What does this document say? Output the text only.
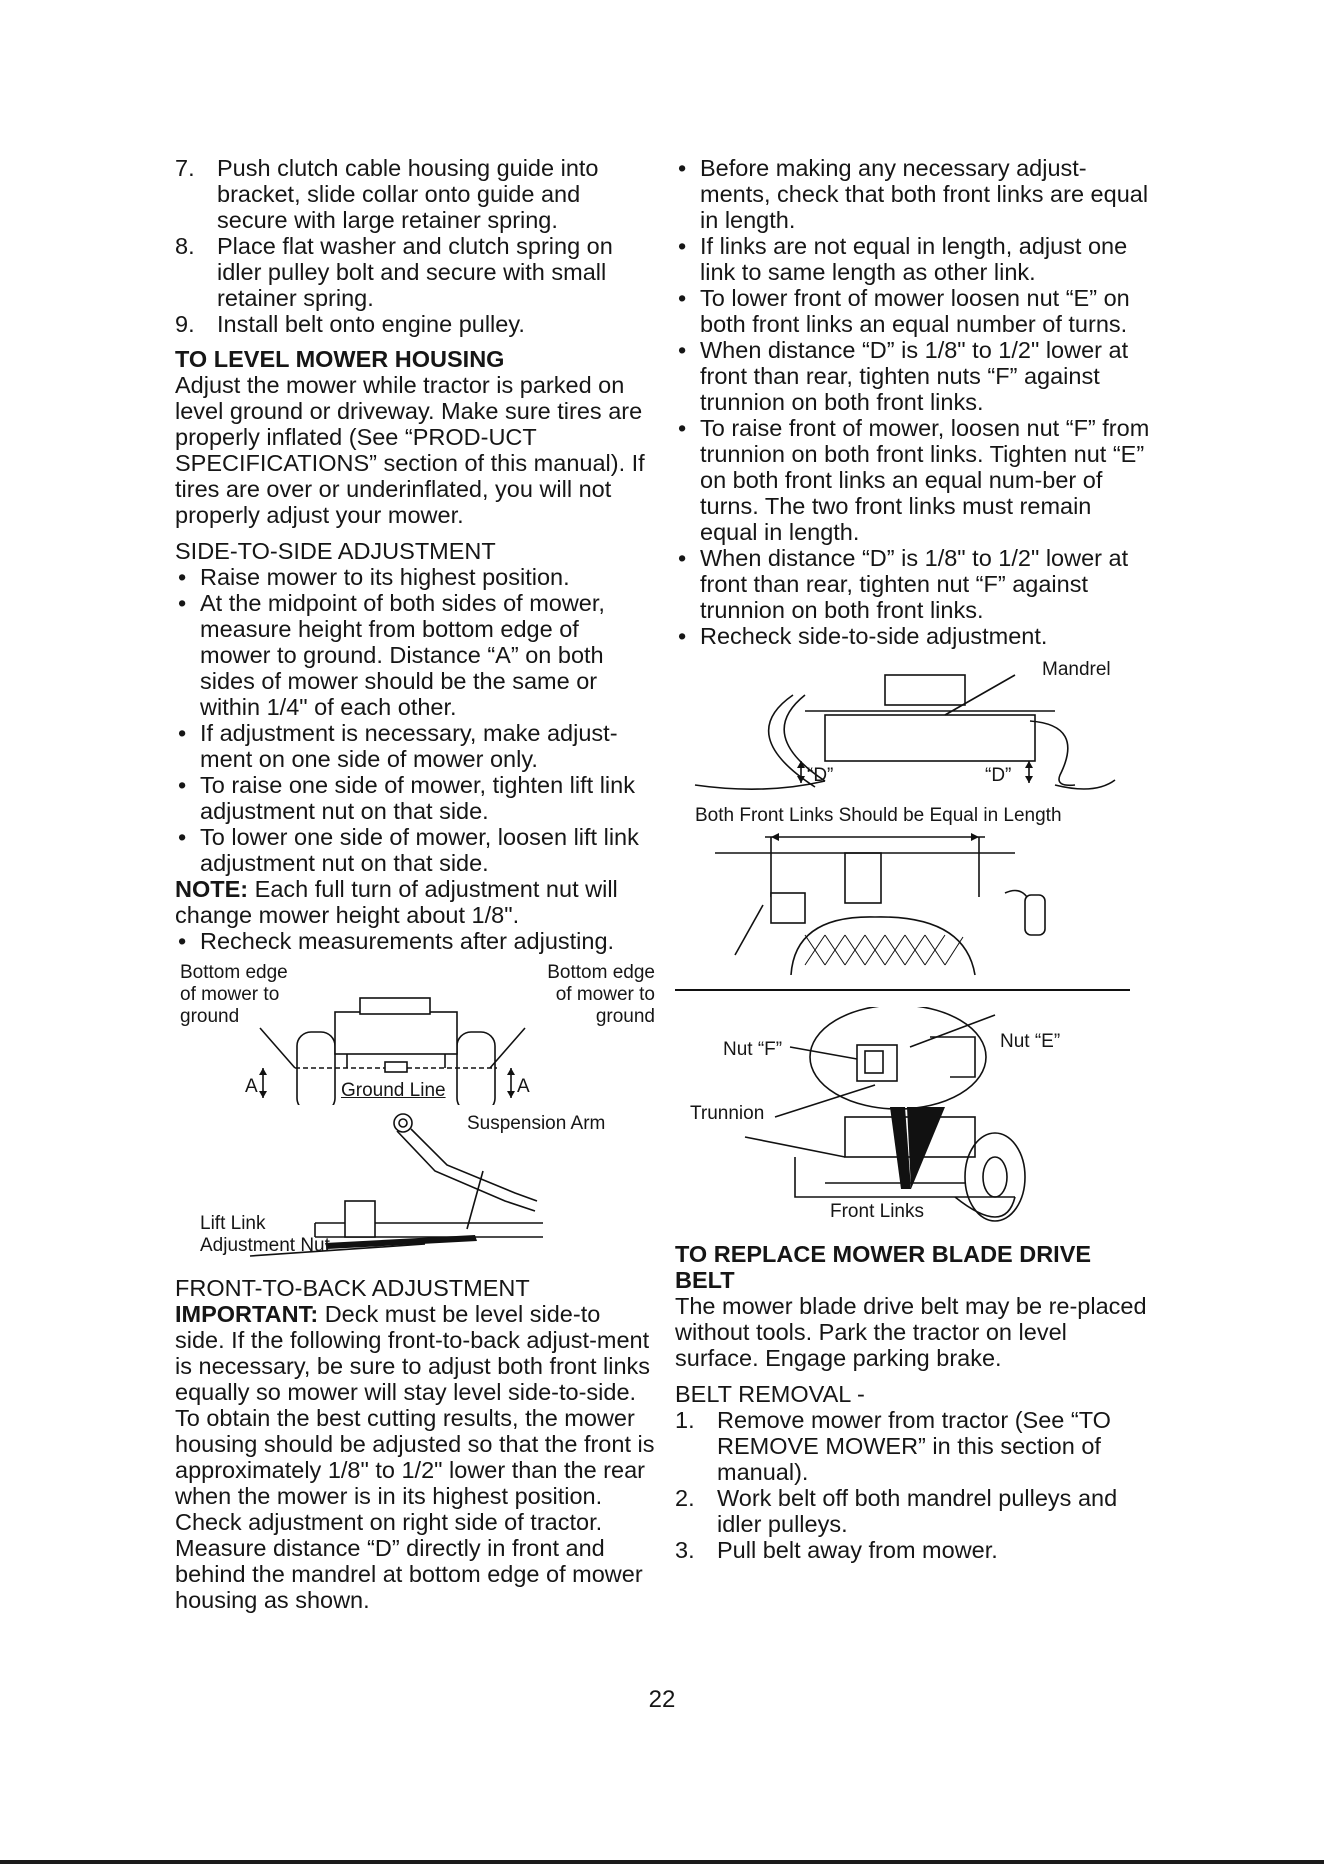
7. Push clutch cable housing guide into bracket, slide collar onto guide and secure with large retainer spring.
8. Place flat washer and clutch spring on idler pulley bolt and secure with small retainer spring.
9. Install belt onto engine pulley.

TO LEVEL MOWER HOUSING

Adjust the mower while tractor is parked on level ground or driveway. Make sure tires are properly inflated (See “PROD-UCT SPECIFICATIONS” section of this manual). If tires are over or underinflated, you will not properly adjust your mower.

SIDE-TO-SIDE ADJUSTMENT

• Raise mower to its highest position.
• At the midpoint of both sides of mower, measure height from bottom edge of mower to ground. Distance “A” on both sides of mower should be the same or within 1/4" of each other.
• If adjustment is necessary, make adjust-ment on one side of mower only.
• To raise one side of mower, tighten lift link adjustment nut on that side.
• To lower one side of mower, loosen lift link adjustment nut on that side.

NOTE: Each full turn of adjustment nut will change mower height about 1/8".

• Recheck measurements after adjusting.
Bottom edge
of mower to
ground
Bottom edge
of mower to
ground
A	Ground Line	A
Suspension Arm
Lift Link
Adjustment Nut

FRONT-TO-BACK ADJUSTMENT

IMPORTANT: Deck must be level side-to side. If the following front-to-back adjust-ment is necessary, be sure to adjust both front links equally so mower will stay level side-to-side.

To obtain the best cutting results, the mower housing should be adjusted so that the front is approximately 1/8" to 1/2" lower than the rear when the mower is in its highest position.

Check adjustment on right side of tractor. Measure distance “D” directly in front and behind the mandrel at bottom edge of mower housing as shown.

• Before making any necessary adjust-ments, check that both front links are equal in length.
• If links are not equal in length, adjust one link to same length as other link.
• To lower front of mower loosen nut “E” on both front links an equal number of turns.
• When distance “D” is 1/8" to 1/2" lower at front than rear, tighten nuts “F” against trunnion on both front links.
• To raise front of mower, loosen nut “F” from trunnion on both front links. Tighten nut “E” on both front links an equal num-ber of turns. The two front links must remain equal in length.
• When distance “D” is 1/8" to 1/2" lower at front than rear, tighten nut “F” against trunnion on both front links.
• Recheck side-to-side adjustment.
Mandrel
“D”	“D”
Both Front Links Should be Equal in Length
Nut “F”	Nut “E”
Trunnion
Front Links

TO REPLACE MOWER BLADE DRIVE BELT

The mower blade drive belt may be re-placed without tools. Park the tractor on level surface. Engage parking brake.

BELT REMOVAL -

1. Remove mower from tractor (See “TO REMOVE MOWER” in this section of manual).
2. Work belt off both mandrel pulleys and idler pulleys.
3. Pull belt away from mower.
22
